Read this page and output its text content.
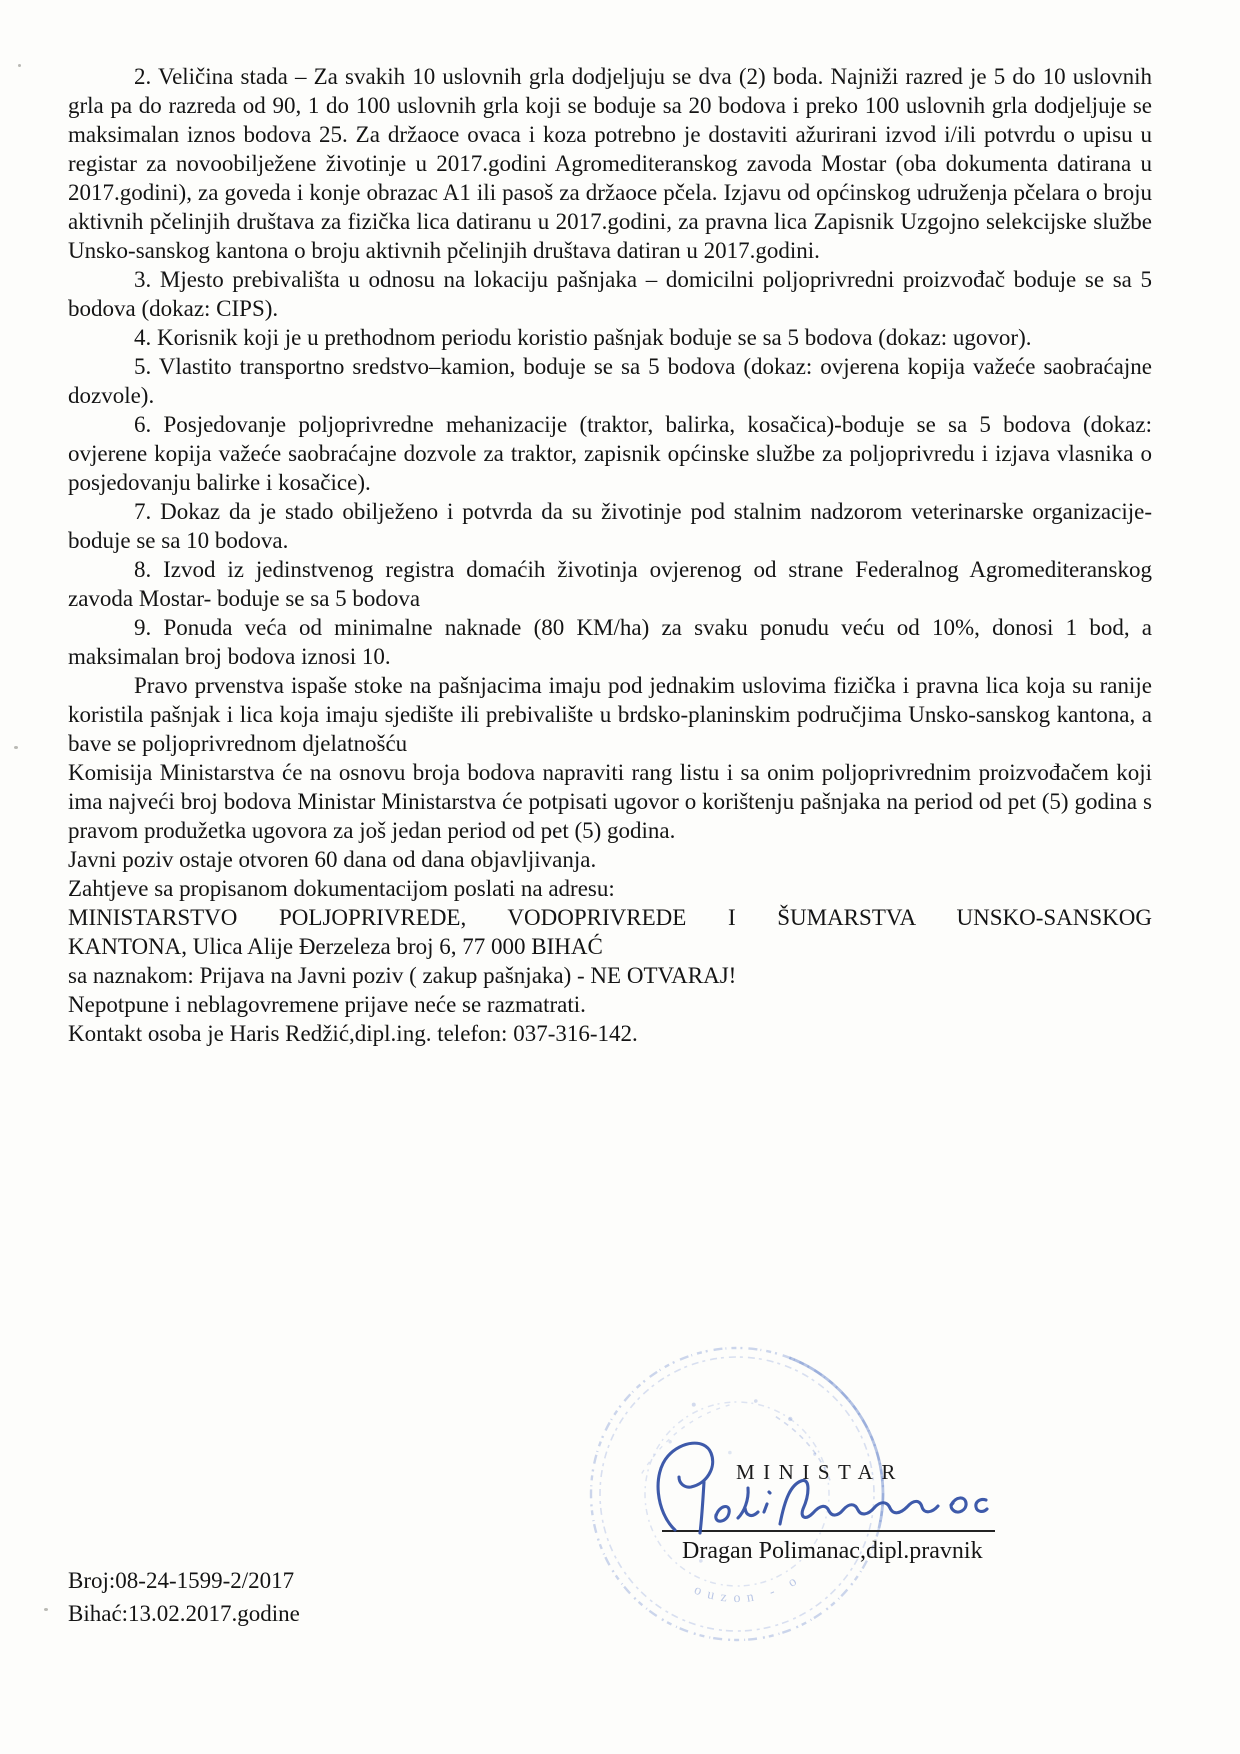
ouzon - o

2. Veličina stada – Za svakih 10 uslovnih grla dodjeljuju se dva (2) boda. Najniži razred je 5 do 10 uslovnih grla pa do razreda od 90, 1 do 100 uslovnih grla koji se boduje sa 20 bodova i preko 100 uslovnih grla dodjeljuje se maksimalan iznos bodova 25. Za držaoce ovaca i koza potrebno je dostaviti ažurirani izvod i/ili potvrdu o upisu u registar za novoobilježene životinje u 2017.godini Agromediteranskog zavoda Mostar (oba dokumenta datirana u 2017.godini), za goveda i konje obrazac A1 ili pasoš za držaoce pčela. Izjavu od općinskog udruženja pčelara o broju aktivnih pčelinjih društava za fizička lica datiranu u 2017.godini, za pravna lica Zapisnik Uzgojno selekcijske službe Unsko-sanskog kantona o broju aktivnih pčelinjih društava datiran u 2017.godini.

3. Mjesto prebivališta u odnosu na lokaciju pašnjaka – domicilni poljoprivredni proizvođač boduje se sa 5 bodova (dokaz: CIPS).

4. Korisnik koji je u prethodnom periodu koristio pašnjak boduje se sa 5 bodova (dokaz: ugovor).

5. Vlastito transportno sredstvo–kamion, boduje se sa 5 bodova (dokaz: ovjerena kopija važeće saobraćajne dozvole).

6. Posjedovanje poljoprivredne mehanizacije (traktor, balirka, kosačica)-boduje se sa 5 bodova (dokaz: ovjerene kopija važeće saobraćajne dozvole za traktor, zapisnik općinske službe za poljoprivredu i izjava vlasnika o posjedovanju balirke i kosačice).

7. Dokaz da je stado obilježeno i potvrda da su životinje pod stalnim nadzorom veterinarske organizacije- boduje se sa 10 bodova.

8. Izvod iz jedinstvenog registra domaćih životinja ovjerenog od strane Federalnog Agromediteranskog zavoda Mostar- boduje se sa 5 bodova

9. Ponuda veća od minimalne naknade (80 KM/ha) za svaku ponudu veću od 10%, donosi 1 bod, a maksimalan broj bodova iznosi 10.

Pravo prvenstva ispaše stoke na pašnjacima imaju pod jednakim uslovima fizička i pravna lica koja su ranije koristila pašnjak i lica koja imaju sjedište ili prebivalište u brdsko-planinskim područjima Unsko-sanskog kantona, a bave se poljoprivrednom djelatnošću

Komisija Ministarstva će na osnovu broja bodova napraviti rang listu i sa onim poljoprivrednim proizvođačem koji ima najveći broj bodova Ministar Ministarstva će potpisati ugovor o korištenju pašnjaka na period od pet (5) godina s pravom produžetka ugovora za još jedan period od pet (5) godina.

Javni poziv ostaje otvoren 60 dana od dana objavljivanja.

Zahtjeve sa propisanom dokumentacijom poslati na adresu:

MINISTARSTVO POLJOPRIVREDE, VODOPRIVREDE I ŠUMARSTVA UNSKO-SANSKOG

KANTONA, Ulica Alije Đerzeleza broj 6, 77 000 BIHAĆ

sa naznakom: Prijava na Javni poziv ( zakup pašnjaka) - NE OTVARAJ!

Nepotpune i neblagovremene prijave neće se razmatrati.

Kontakt osoba je Haris Redžić,dipl.ing. telefon: 037-316-142.

MINISTAR
Dragan Polimanac,dipl.pravnik
Broj:08-24-1599-2/2017
Bihać:13.02.2017.godine
